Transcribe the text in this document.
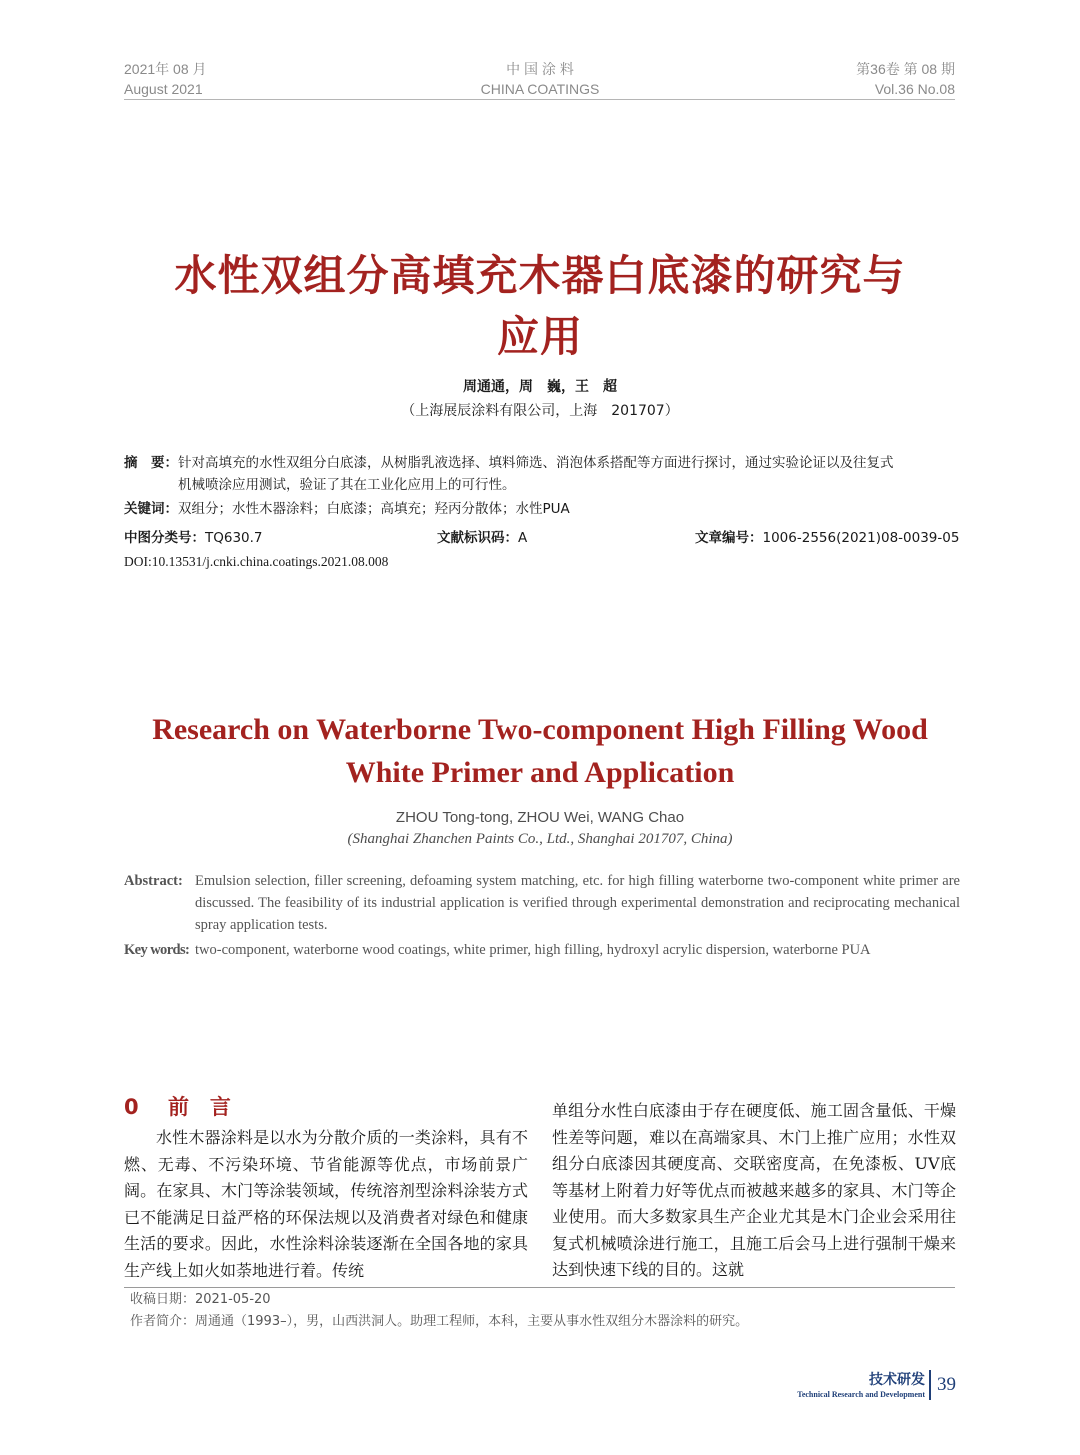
2021年 08 月
August 2021
中 国 涂 料
CHINA COATINGS
第36卷 第 08 期
Vol.36 No.08
水性双组分高填充木器白底漆的研究与
应用
周通通，周　巍，王　超
（上海展辰涂料有限公司，上海　201707）
摘　要：针对高填充的水性双组分白底漆，从树脂乳液选择、填料筛选、消泡体系搭配等方面进行探讨，通过实验论证以及往复式
机械喷涂应用测试，验证了其在工业化应用上的可行性。
关键词：双组分；水性木器涂料；白底漆；高填充；羟丙分散体；水性PUA
中图分类号：TQ630.7	文献标识码：A	文章编号：1006-2556(2021)08-0039-05
DOI:10.13531/j.cnki.china.coatings.2021.08.008
Research on Waterborne Two-component High Filling Wood
White Primer and Application
ZHOU Tong-tong, ZHOU Wei, WANG Chao
(Shanghai Zhanchen Paints Co., Ltd., Shanghai 201707, China)
Abstract: Emulsion selection, filler screening, defoaming system matching, etc. for high filling waterborne two-component white primer are discussed. The feasibility of its industrial application is verified through experimental demonstration and reciprocating mechanical spray application tests.
Key words: two-component, waterborne wood coatings, white primer, high filling, hydroxyl acrylic dispersion, waterborne PUA
0 前　言

水性木器涂料是以水为分散介质的一类涂料，具有不燃、无毒、不污染环境、节省能源等优点，市场前景广阔。在家具、木门等涂装领域，传统溶剂型涂料涂装方式已不能满足日益严格的环保法规以及消费者对绿色和健康生活的要求。因此，水性涂料涂装逐渐在全国各地的家具生产线上如火如荼地进行着。传统

单组分水性白底漆由于存在硬度低、施工固含量低、干燥性差等问题，难以在高端家具、木门上推广应用；水性双组分白底漆因其硬度高、交联密度高，在免漆板、UV底等基材上附着力好等优点而被越来越多的家具、木门等企业使用。而大多数家具生产企业尤其是木门企业会采用往复式机械喷涂进行施工，且施工后会马上进行强制干燥来达到快速下线的目的。这就

收稿日期：2021-05-20
作者简介：周通通（1993–），男，山西洪洞人。助理工程师，本科，主要从事水性双组分木器涂料的研究。
技术研发
Technical Research and Development 39
